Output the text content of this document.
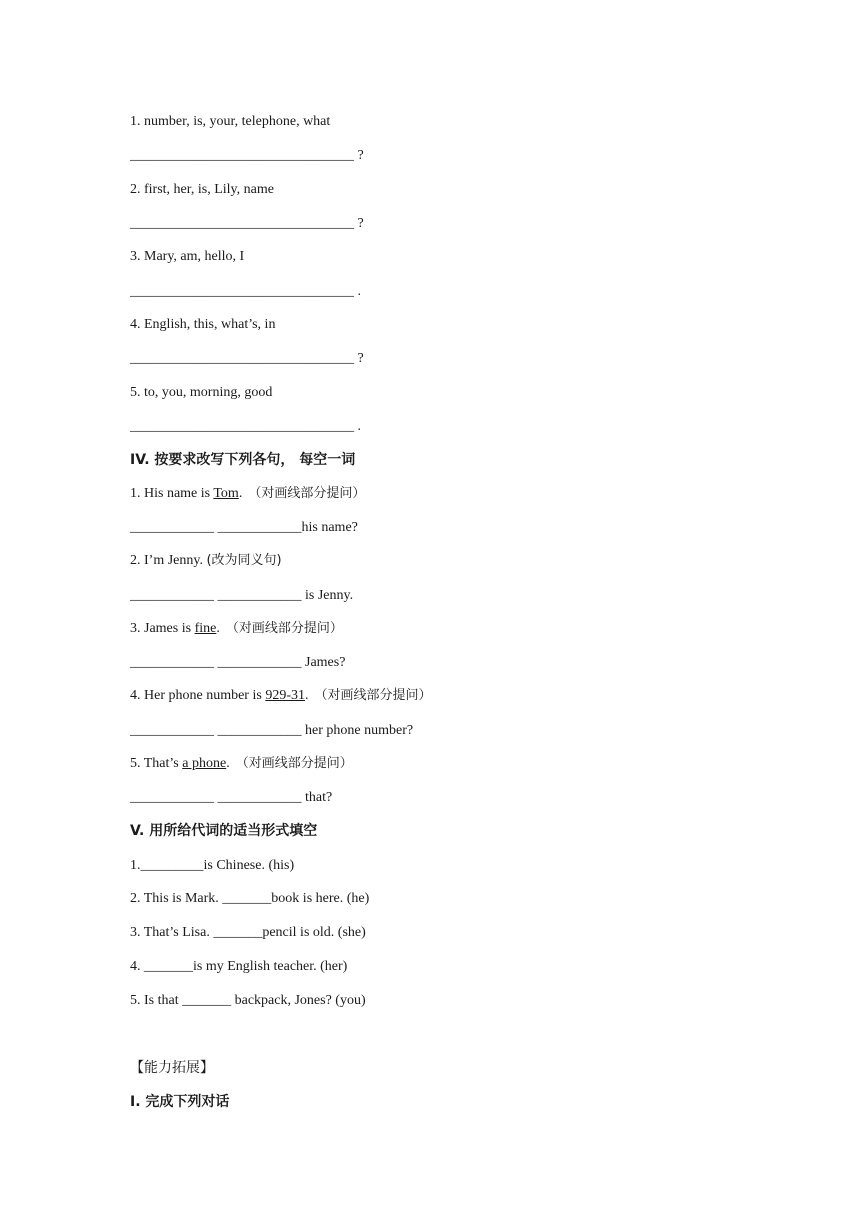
1. number, is, your, telephone, what
________________________________ ?
2. first, her, is, Lily, name
________________________________ ?
3. Mary, am, hello, I
________________________________ .
4. English, this, what’s, in
________________________________ ?
5. to, you, morning, good
________________________________ .
IV. 按要求改写下列各句， 每空一词
1. His name is Tom. （对画线部分提问）
____________ ____________his name?
2. I’m Jenny. (改为同义句)
____________ ____________ is Jenny.
3. James is fine. （对画线部分提问）
____________ ____________ James?
4. Her phone number is 929-31. （对画线部分提问）
____________ ____________ her phone number?
5. That’s a phone. （对画线部分提问）
____________ ____________ that?
V. 用所给代词的适当形式填空
1._________is Chinese. (his)
2. This is Mark. _______book is here. (he)
3. That’s Lisa. _______pencil is old. (she)
4. _______is my English teacher. (her)
5. Is that _______ backpack, Jones? (you)
【能力拓展】
I. 完成下列对话
